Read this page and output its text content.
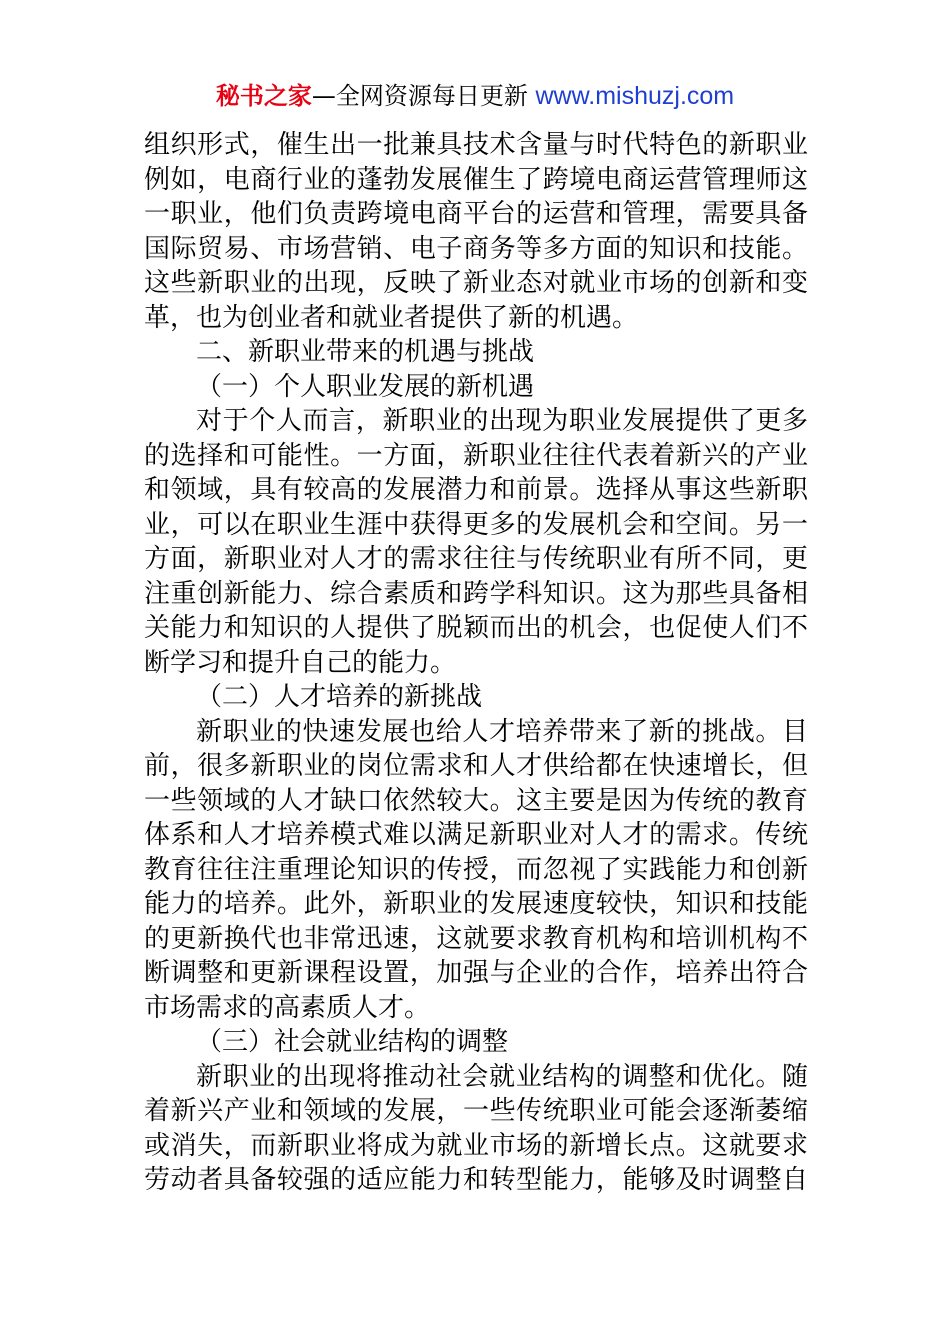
秘书之家—全网资源每日更新 www.mishuzj.com
组织形式，催生出一批兼具技术含量与时代特色的新职业
例如，电商行业的蓬勃发展催生了跨境电商运营管理师这
一职业，他们负责跨境电商平台的运营和管理，需要具备
国际贸易、市场营销、电子商务等多方面的知识和技能。
这些新职业的出现，反映了新业态对就业市场的创新和变
革，也为创业者和就业者提供了新的机遇。
二、新职业带来的机遇与挑战
（一）个人职业发展的新机遇
对于个人而言，新职业的出现为职业发展提供了更多
的选择和可能性。一方面，新职业往往代表着新兴的产业
和领域，具有较高的发展潜力和前景。选择从事这些新职
业，可以在职业生涯中获得更多的发展机会和空间。另一
方面，新职业对人才的需求往往与传统职业有所不同，更
注重创新能力、综合素质和跨学科知识。这为那些具备相
关能力和知识的人提供了脱颖而出的机会，也促使人们不
断学习和提升自己的能力。
（二）人才培养的新挑战
新职业的快速发展也给人才培养带来了新的挑战。目
前，很多新职业的岗位需求和人才供给都在快速增长，但
一些领域的人才缺口依然较大。这主要是因为传统的教育
体系和人才培养模式难以满足新职业对人才的需求。传统
教育往往注重理论知识的传授，而忽视了实践能力和创新
能力的培养。此外，新职业的发展速度较快，知识和技能
的更新换代也非常迅速，这就要求教育机构和培训机构不
断调整和更新课程设置，加强与企业的合作，培养出符合
市场需求的高素质人才。
（三）社会就业结构的调整
新职业的出现将推动社会就业结构的调整和优化。随
着新兴产业和领域的发展，一些传统职业可能会逐渐萎缩
或消失，而新职业将成为就业市场的新增长点。这就要求
劳动者具备较强的适应能力和转型能力，能够及时调整自
